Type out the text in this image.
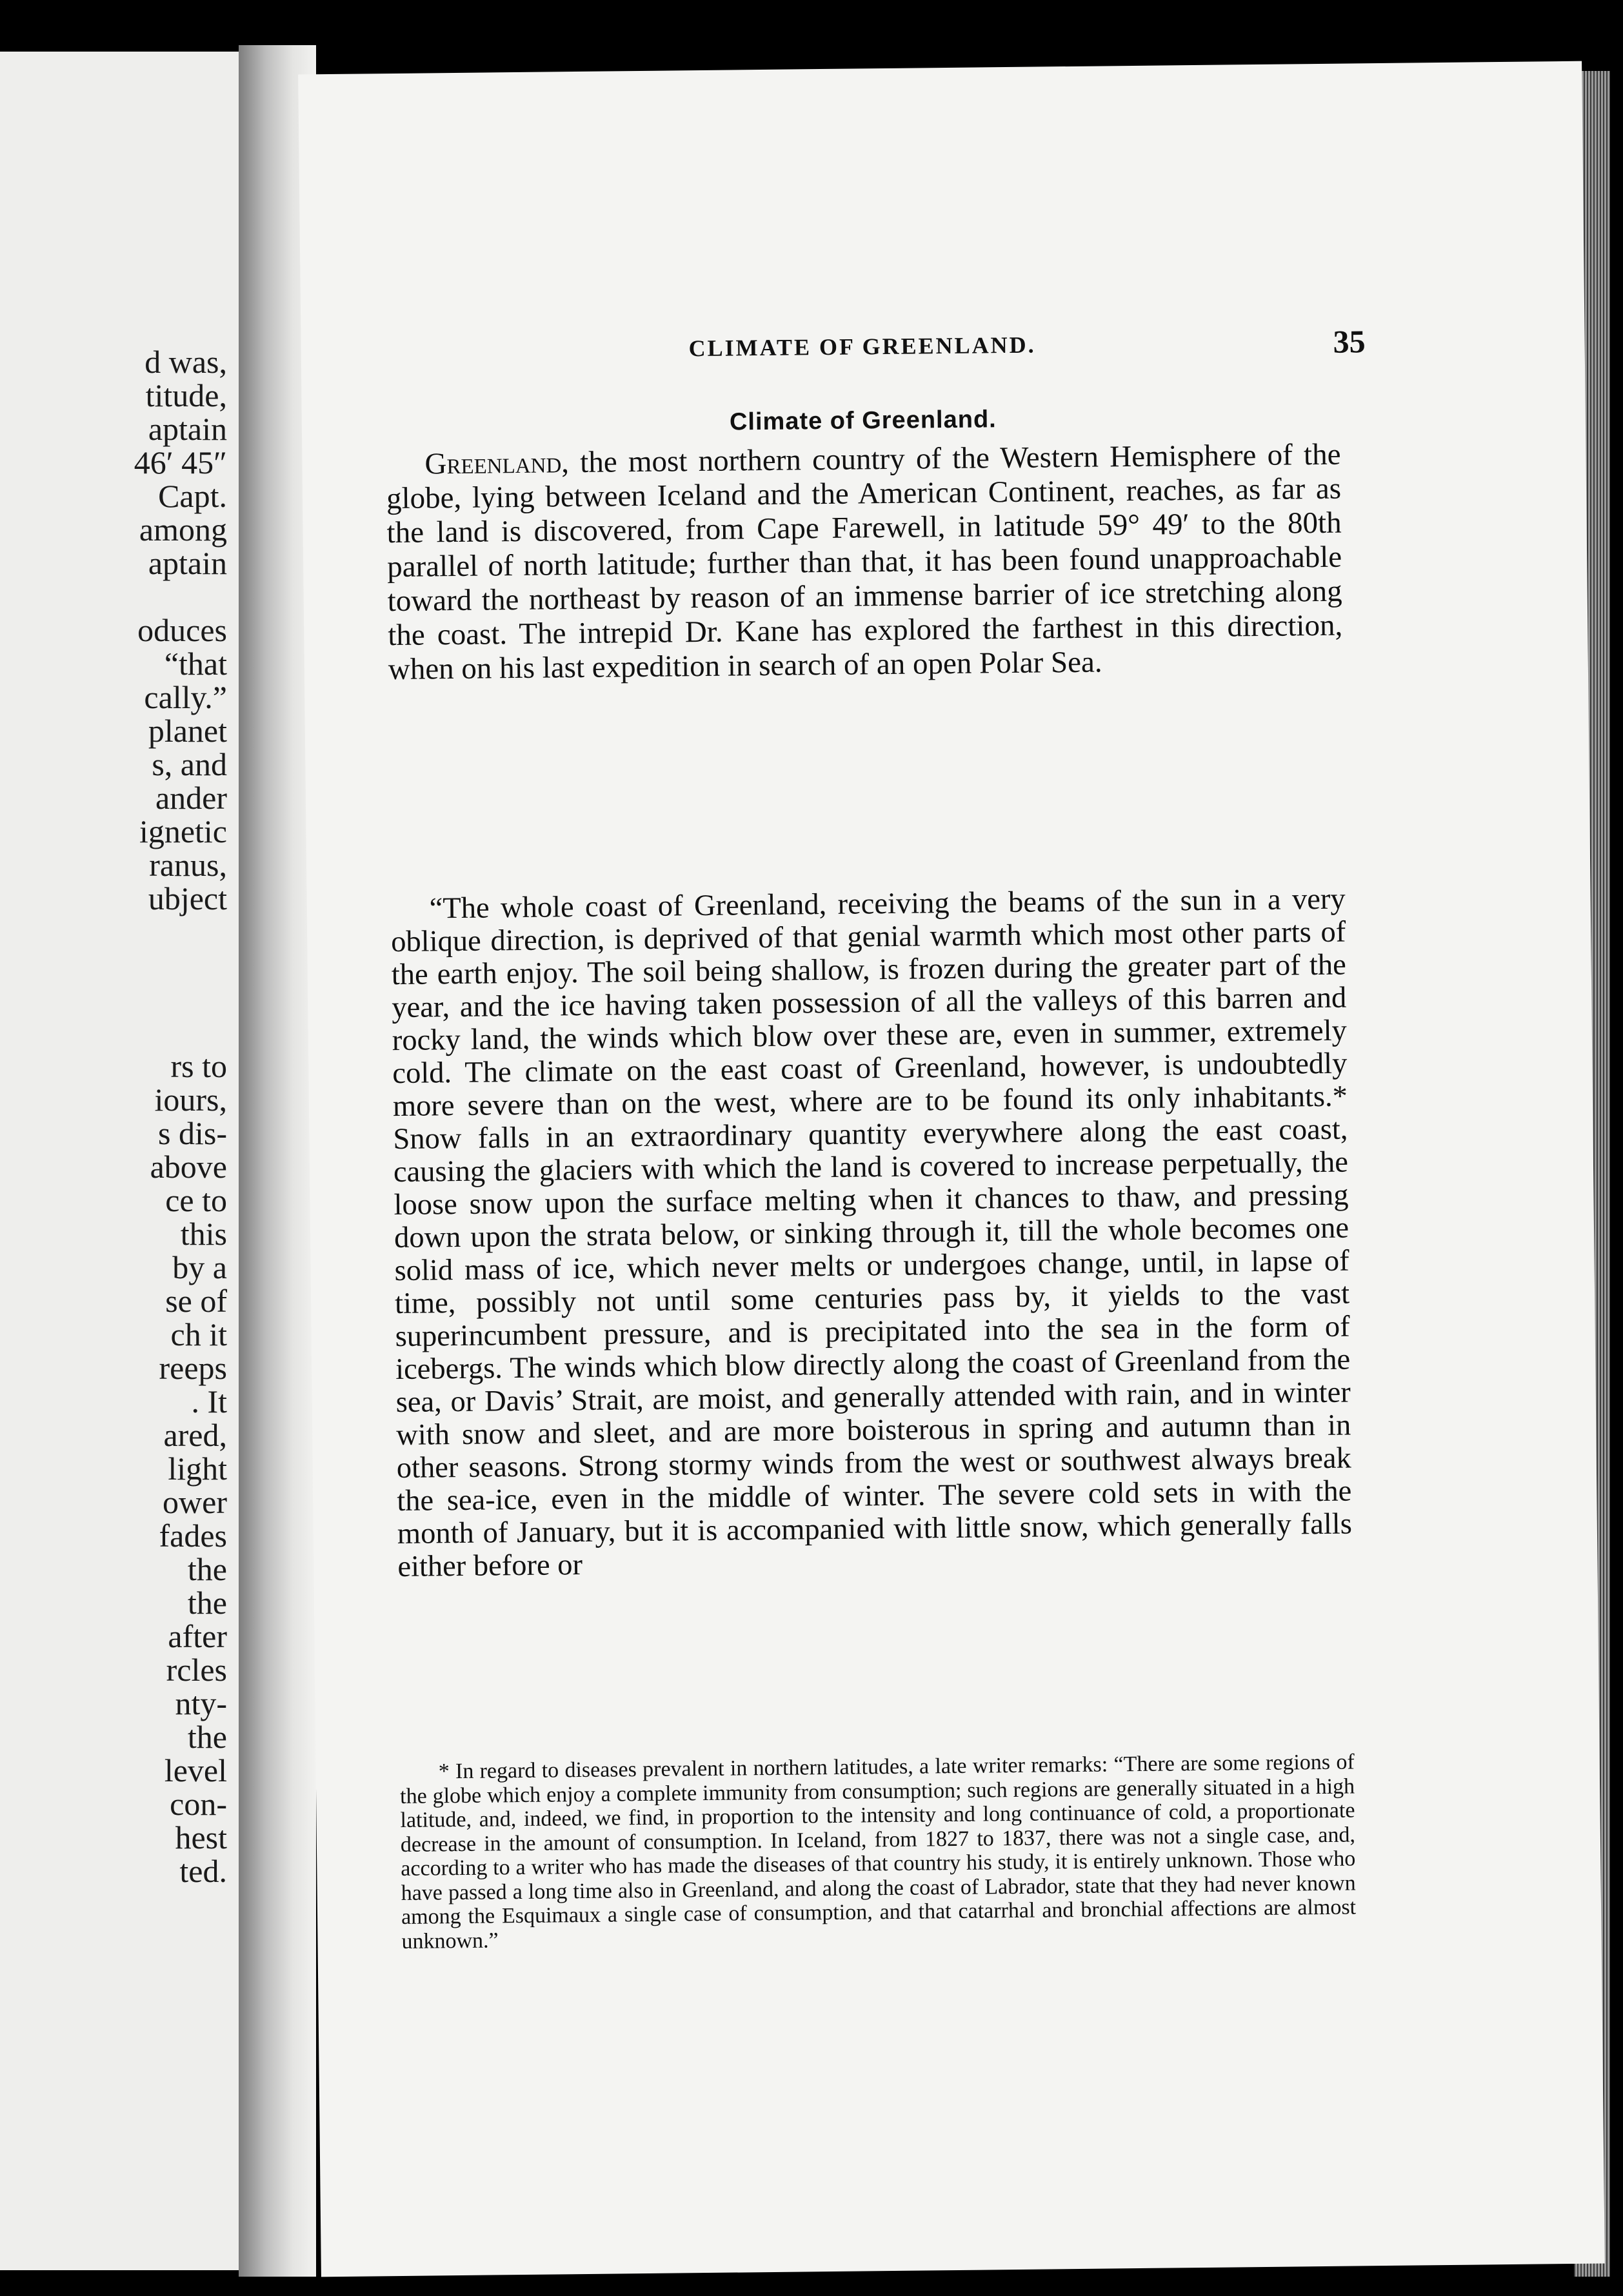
d was,
titude,
aptain
46′ 45″
Capt.
among
aptain
oduces
“that
cally.”
planet
s, and
ander
ignetic
ranus,
ubject
rs to
iours,
s dis-
above
ce to
this
by a
se of
ch it
reeps
. It
ared,
light
ower
fades
the
the
after
rcles
nty-
the
level
con-
hest
ted.
CLIMATE OF GREENLAND.	35
Climate of Greenland.

Greenland, the most northern country of the Western Hemisphere of the globe, lying between Iceland and the American Continent, reaches, as far as the land is discovered, from Cape Farewell, in latitude 59° 49′ to the 80th parallel of north latitude; further than that, it has been found unapproachable toward the northeast by reason of an immense barrier of ice stretching along the coast. The intrepid Dr. Kane has explored the farthest in this direction, when on his last expedition in search of an open Polar Sea.

“The whole coast of Greenland, receiving the beams of the sun in a very oblique direction, is deprived of that genial warmth which most other parts of the earth enjoy. The soil being shallow, is frozen during the greater part of the year, and the ice having taken possession of all the valleys of this barren and rocky land, the winds which blow over these are, even in summer, extremely cold. The climate on the east coast of Greenland, however, is undoubtedly more severe than on the west, where are to be found its only inhabitants.* Snow falls in an extraordinary quantity everywhere along the east coast, causing the glaciers with which the land is covered to increase perpetually, the loose snow upon the surface melting when it chances to thaw, and pressing down upon the strata below, or sinking through it, till the whole becomes one solid mass of ice, which never melts or undergoes change, until, in lapse of time, possibly not until some centuries pass by, it yields to the vast superincumbent pressure, and is precipitated into the sea in the form of icebergs. The winds which blow directly along the coast of Greenland from the sea, or Davis’ Strait, are moist, and generally attended with rain, and in winter with snow and sleet, and are more boisterous in spring and autumn than in other seasons. Strong stormy winds from the west or southwest always break the sea-ice, even in the middle of winter. The severe cold sets in with the month of January, but it is accompanied with little snow, which generally falls either before or

* In regard to diseases prevalent in northern latitudes, a late writer remarks: “There are some regions of the globe which enjoy a complete immunity from consumption; such regions are generally situated in a high latitude, and, indeed, we find, in proportion to the intensity and long continuance of cold, a proportionate decrease in the amount of consumption. In Iceland, from 1827 to 1837, there was not a single case, and, according to a writer who has made the diseases of that country his study, it is entirely unknown. Those who have passed a long time also in Greenland, and along the coast of Labrador, state that they had never known among the Esquimaux a single case of consumption, and that catarrhal and bronchial affections are almost unknown.”
